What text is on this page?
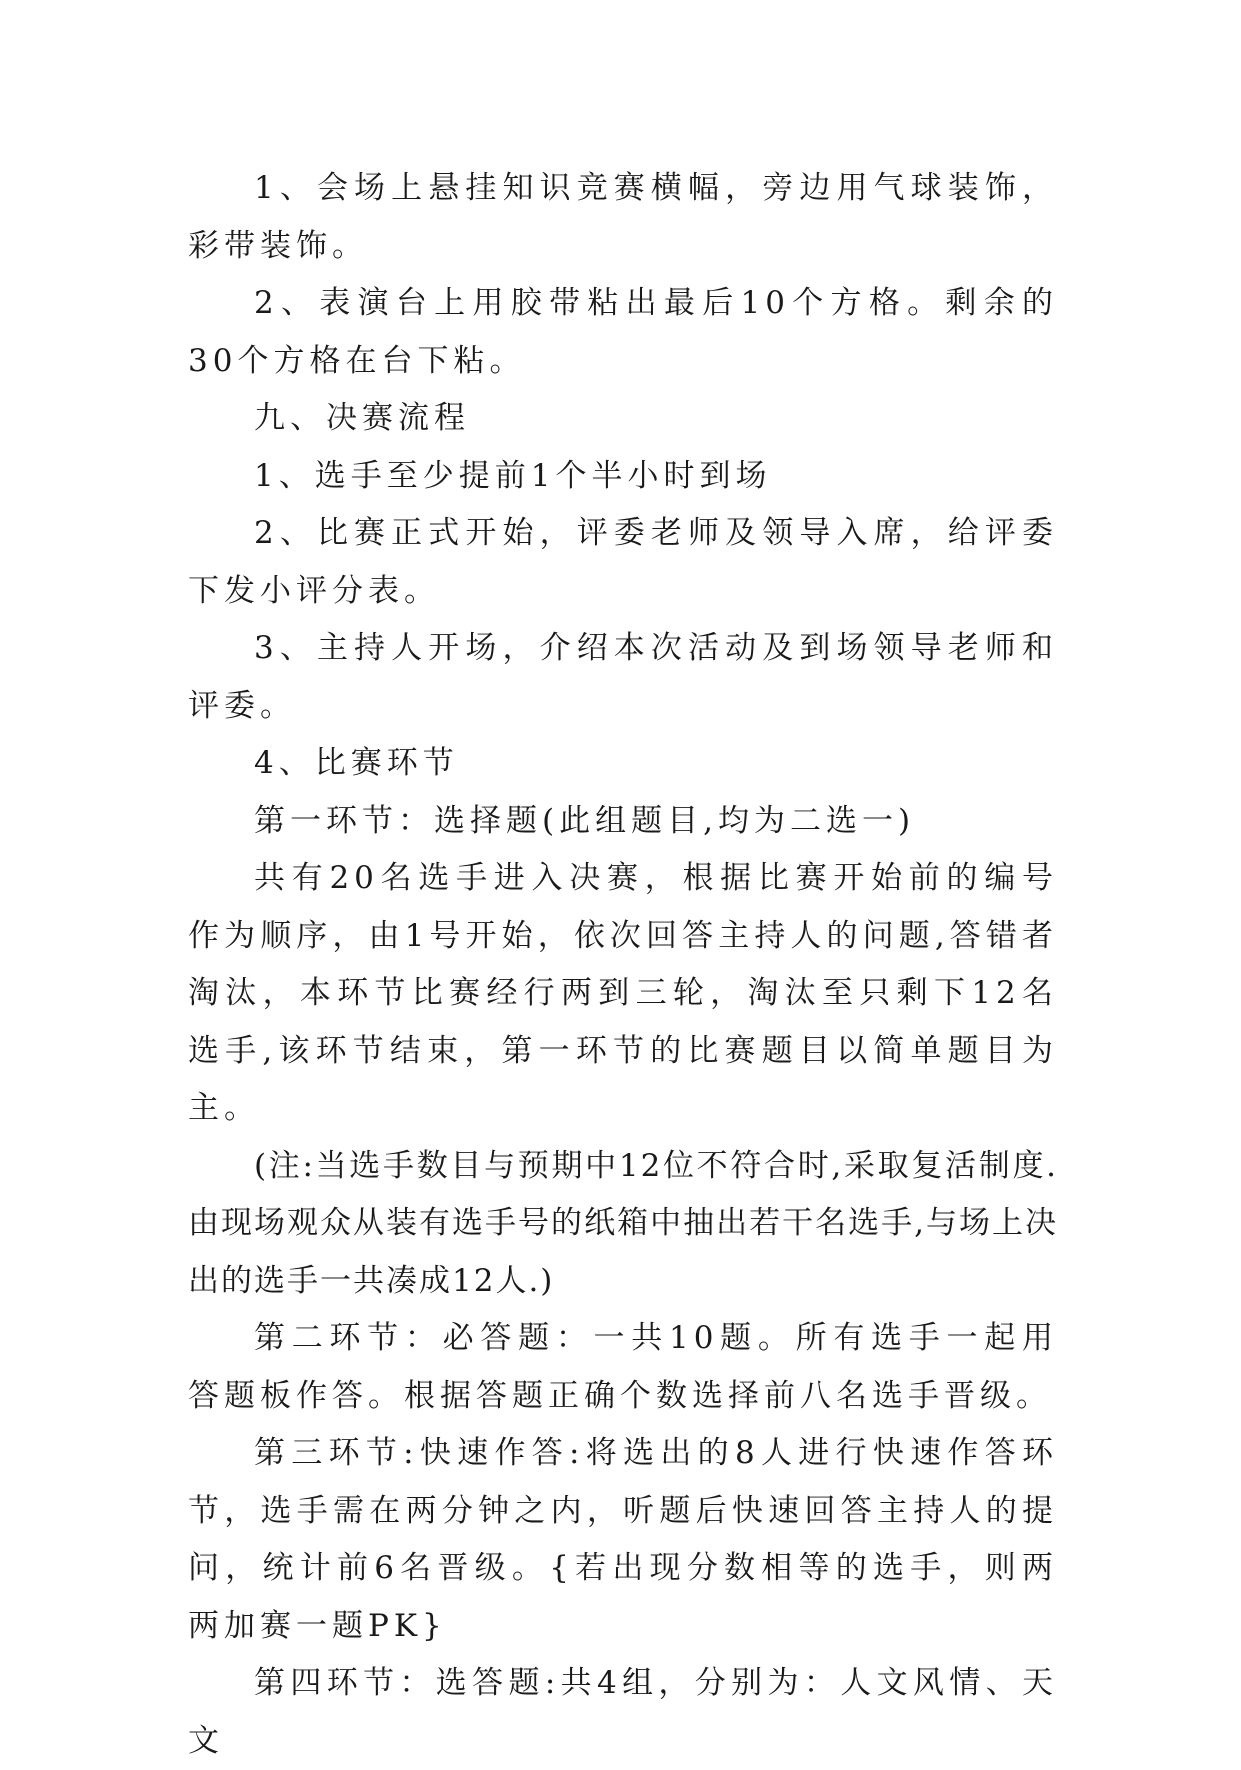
1、会场上悬挂知识竞赛横幅，旁边用气球装饰，彩带装饰。

2、表演台上用胶带粘出最后10个方格。剩余的30个方格在台下粘。

九、决赛流程

1、选手至少提前1个半小时到场

2、比赛正式开始，评委老师及领导入席，给评委下发小评分表。

3、主持人开场，介绍本次活动及到场领导老师和评委。

4、比赛环节

第一环节：选择题(此组题目,均为二选一)

共有20名选手进入决赛，根据比赛开始前的编号作为顺序，由1号开始，依次回答主持人的问题,答错者淘汰，本环节比赛经行两到三轮，淘汰至只剩下12名选手,该环节结束，第一环节的比赛题目以简单题目为主。

(注:当选手数目与预期中12位不符合时,采取复活制度.由现场观众从装有选手号的纸箱中抽出若干名选手,与场上决出的选手一共凑成12人.)

第二环节：必答题：一共10题。所有选手一起用答题板作答。根据答题正确个数选择前八名选手晋级。

第三环节:快速作答:将选出的8人进行快速作答环节，选手需在两分钟之内，听题后快速回答主持人的提问，统计前6名晋级。{若出现分数相等的选手，则两两加赛一题PK}

第四环节：选答题:共4组，分别为：人文风情、天文
